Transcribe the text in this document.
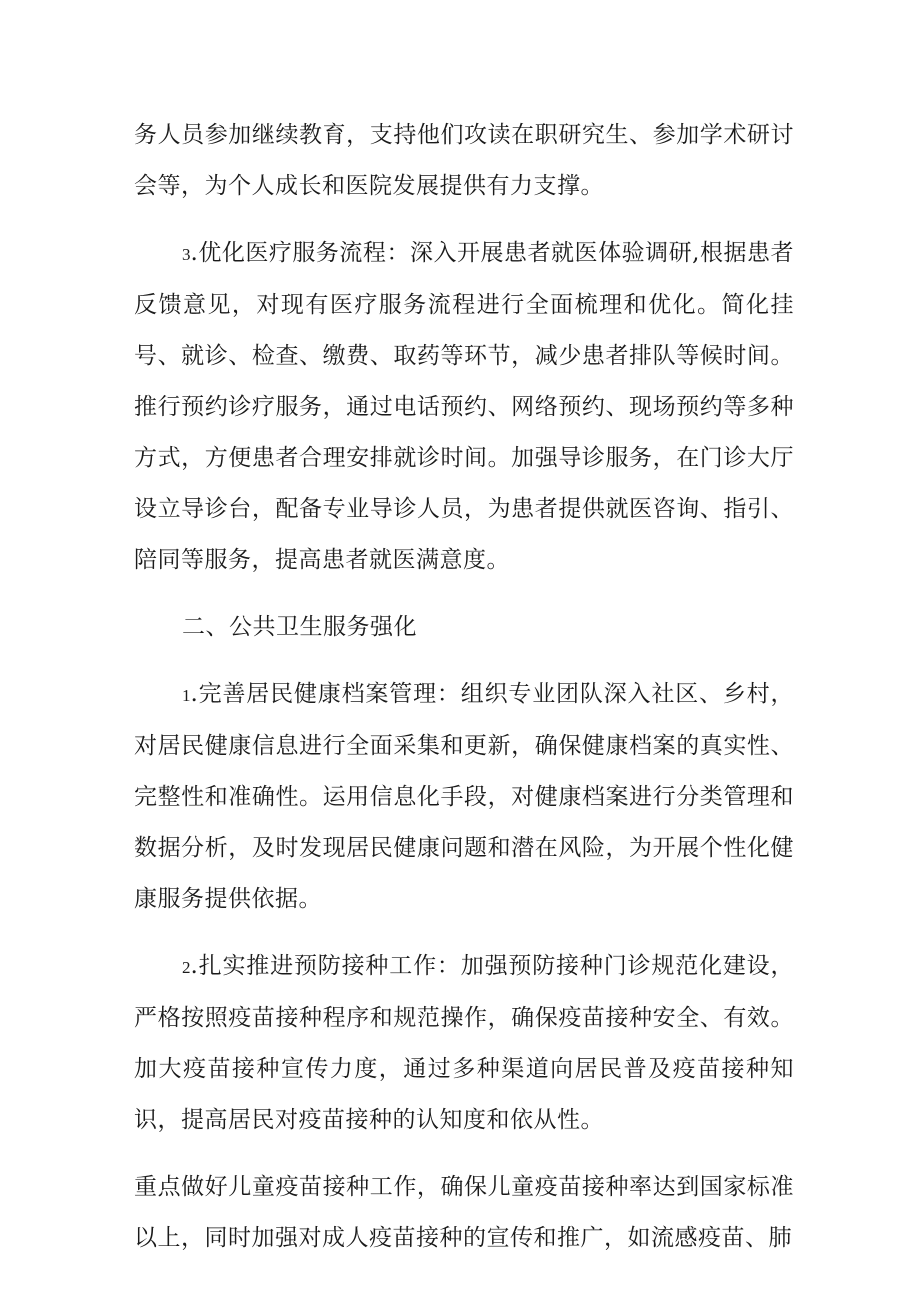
务人员参加继续教育，支持他们攻读在职研究生、参加学术研讨会等，为个人成长和医院发展提供有力支撑。

3.优化医疗服务流程：深入开展患者就医体验调研,根据患者反馈意见，对现有医疗服务流程进行全面梳理和优化。简化挂号、就诊、检查、缴费、取药等环节，减少患者排队等候时间。推行预约诊疗服务，通过电话预约、网络预约、现场预约等多种方式，方便患者合理安排就诊时间。加强导诊服务，在门诊大厅设立导诊台，配备专业导诊人员，为患者提供就医咨询、指引、陪同等服务，提高患者就医满意度。

二、公共卫生服务强化

1.完善居民健康档案管理：组织专业团队深入社区、乡村，对居民健康信息进行全面采集和更新，确保健康档案的真实性、完整性和准确性。运用信息化手段，对健康档案进行分类管理和数据分析，及时发现居民健康问题和潜在风险，为开展个性化健康服务提供依据。

2.扎实推进预防接种工作：加强预防接种门诊规范化建设，严格按照疫苗接种程序和规范操作，确保疫苗接种安全、有效。加大疫苗接种宣传力度，通过多种渠道向居民普及疫苗接种知识，提高居民对疫苗接种的认知度和依从性。

重点做好儿童疫苗接种工作，确保儿童疫苗接种率达到国家标准以上，同时加强对成人疫苗接种的宣传和推广，如流感疫苗、肺
